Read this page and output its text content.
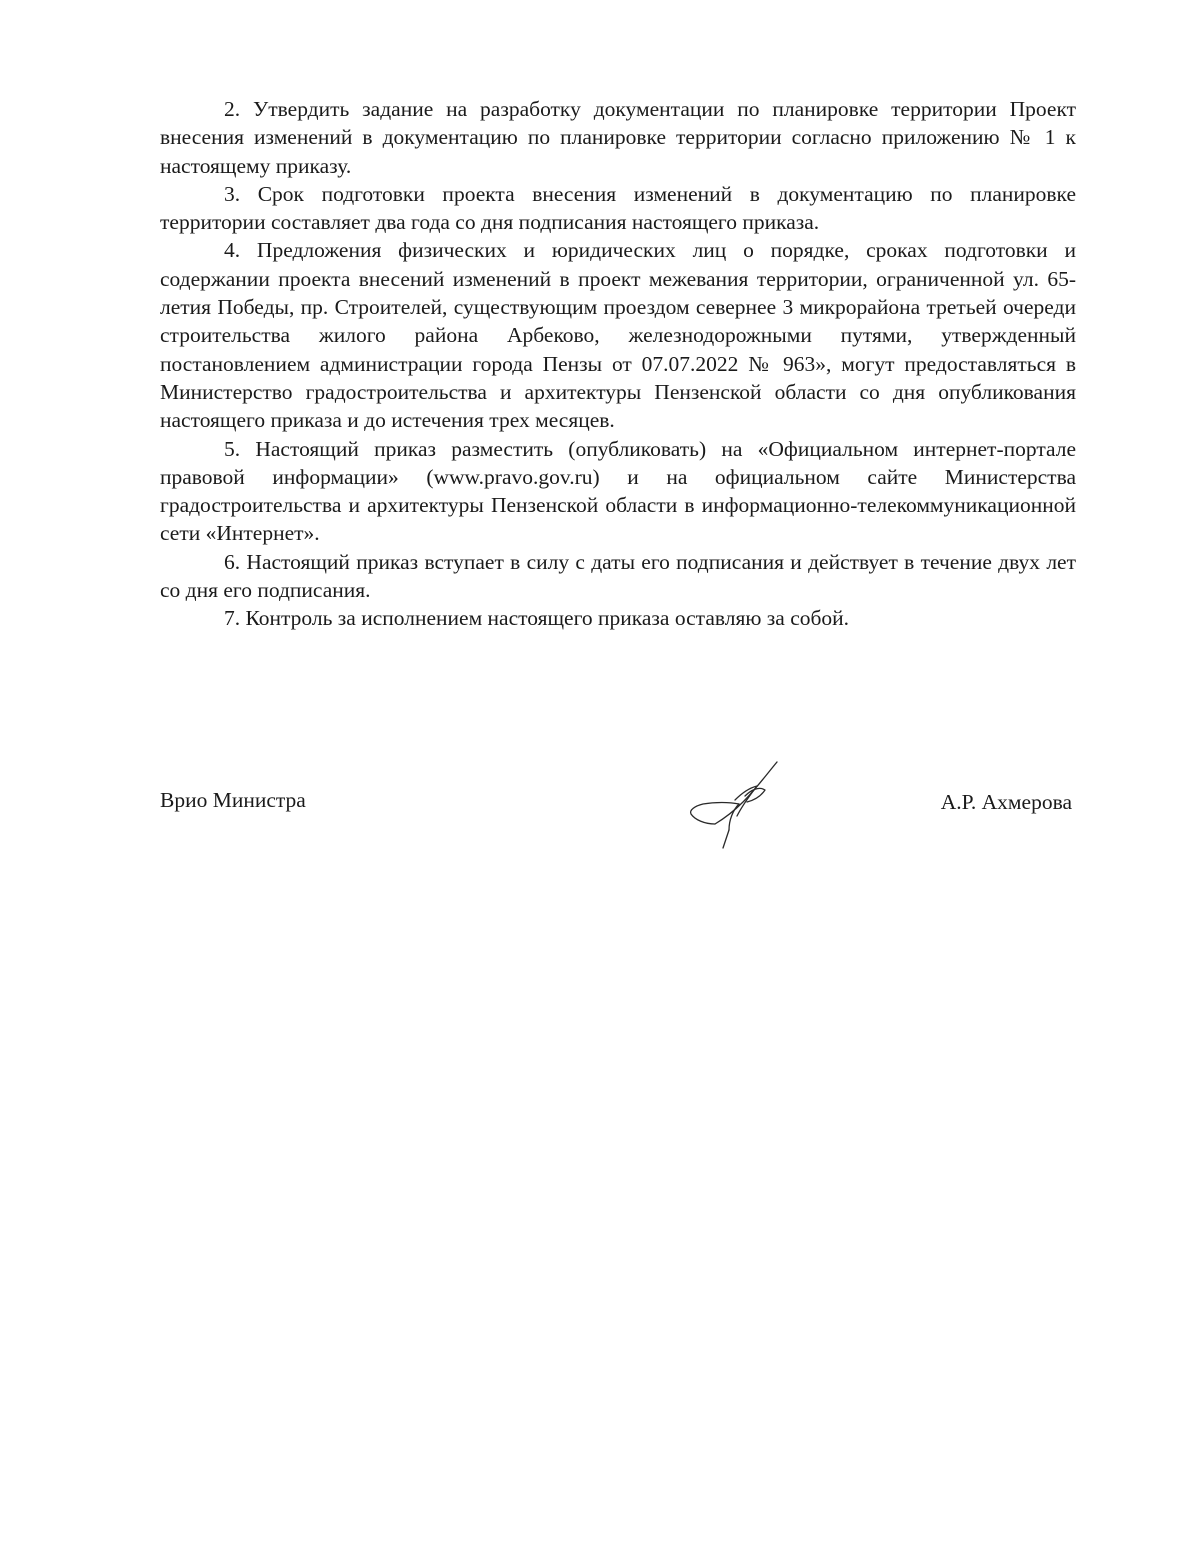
2. Утвердить задание на разработку документации по планировке территории Проект внесения изменений в документацию по планировке территории согласно приложению № 1 к настоящему приказу.

3. Срок подготовки проекта внесения изменений в документацию по планировке территории составляет два года со дня подписания настоящего приказа.

4. Предложения физических и юридических лиц о порядке, сроках подготовки и содержании проекта внесений изменений в проект межевания территории, ограниченной ул. 65-летия Победы, пр. Строителей, существующим проездом севернее 3 микрорайона третьей очереди строительства жилого района Арбеково, железнодорожными путями, утвержденный постановлением администрации города Пензы от 07.07.2022 № 963», могут предоставляться в Министерство градостроительства и архитектуры Пензенской области со дня опубликования настоящего приказа и до истечения трех месяцев.

5. Настоящий приказ разместить (опубликовать) на «Официальном интернет-портале правовой информации» (www.pravo.gov.ru) и на официальном сайте Министерства градостроительства и архитектуры Пензенской области в информационно-телекоммуникационной сети «Интернет».

6. Настоящий приказ вступает в силу с даты его подписания и действует в течение двух лет со дня его подписания.

7. Контроль за исполнением настоящего приказа оставляю за собой.

Врио Министра	А.Р. Ахмерова
